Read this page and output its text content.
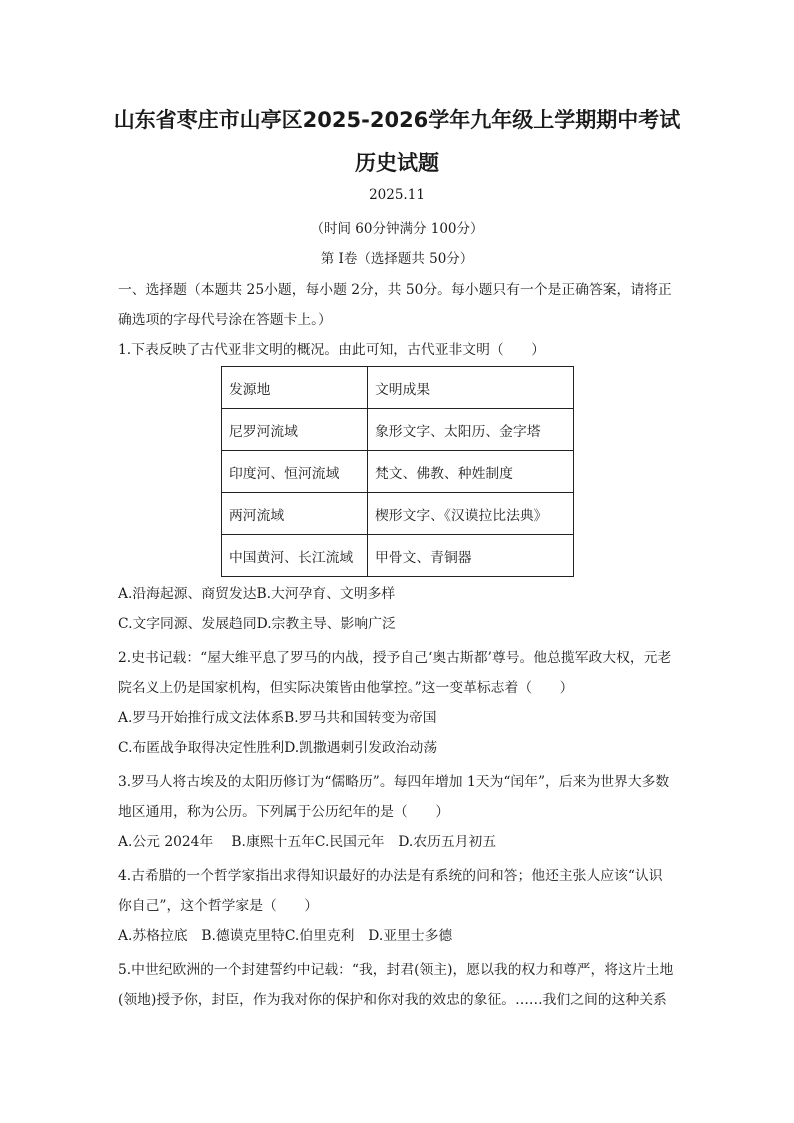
山东省枣庄市山亭区2025-2026学年九年级上学期期中考试
历史试题
2025.11
（时间 60分钟满分 100分）
第 I卷（选择题共 50分）
一、选择题（本题共 25小题，每小题 2分，共 50分。每小题只有一个是正确答案，请将正
确选项的字母代号涂在答题卡上。）
1.下表反映了古代亚非文明的概况。由此可知，古代亚非文明（　　）
发源地	文明成果
尼罗河流域	象形文字、太阳历、金字塔
印度河、恒河流域	梵文、佛教、种姓制度
两河流域	楔形文字、《汉谟拉比法典》
中国黄河、长江流域	甲骨文、青铜器
A.沿海起源、商贸发达B.大河孕育、文明多样
C.文字同源、发展趋同D.宗教主导、影响广泛
2.史书记载：“屋大维平息了罗马的内战，授予自己‘奥古斯都’尊号。他总揽军政大权，元老
院名义上仍是国家机构，但实际决策皆由他掌控。”这一变革标志着（　　）
A.罗马开始推行成文法体系B.罗马共和国转变为帝国
C.布匿战争取得决定性胜利D.凯撒遇刺引发政治动荡
3.罗马人将古埃及的太阳历修订为“儒略历”。每四年增加 1天为“闰年”，后来为世界大多数
地区通用，称为公历。下列属于公历纪年的是（　　）
A.公元 2024年　 B.康熙十五年C.民国元年　D.农历五月初五
4.古希腊的一个哲学家指出求得知识最好的办法是有系统的问和答；他还主张人应该“认识
你自己”，这个哲学家是（　　）
A.苏格拉底　B.德谟克里特C.伯里克利　D.亚里士多德
5.中世纪欧洲的一个封建誓约中记载：“我，封君(领主)，愿以我的权力和尊严，将这片土地
(领地)授予你，封臣，作为我对你的保护和你对我的效忠的象征。……我们之间的这种关系
